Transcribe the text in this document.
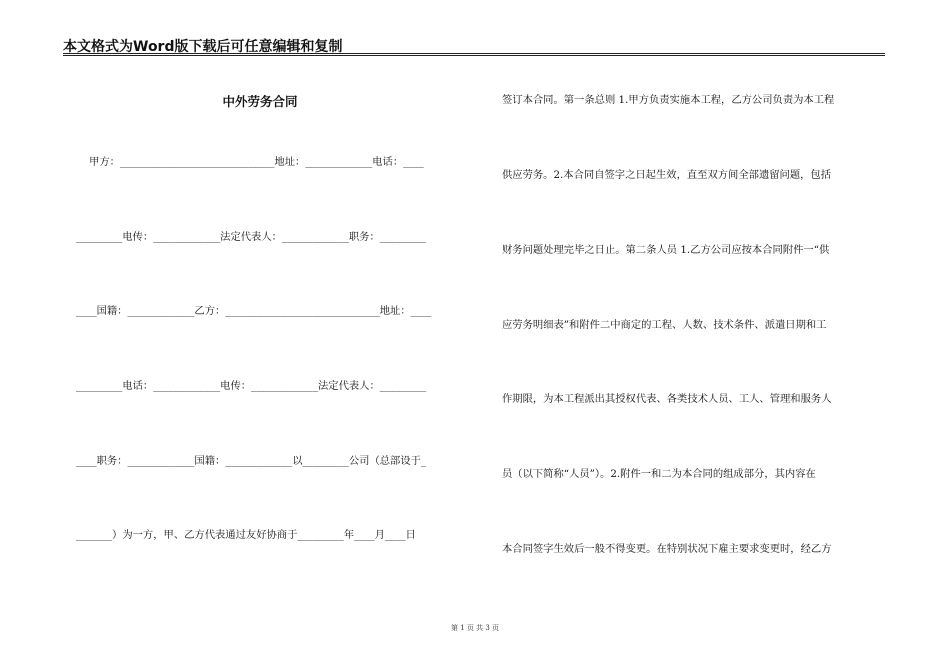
本文格式为Word版下载后可任意编辑和复制
中外劳务合同
甲方：______________________________地址：_____________电话：____
_________电传：_____________法定代表人：_____________职务：_________
____国籍：_____________乙方：______________________________地址：____
_________电话：_____________电传：_____________法定代表人：_________
____职务：_____________国籍：_____________以_________公司（总部设于_
_______）为一方，甲、乙方代表通过友好协商于_________年____月____日
签订本合同。第一条总则 1.甲方负责实施本工程，乙方公司负责为本工程
供应劳务。2.本合同自签字之日起生效，直至双方间全部遗留问题，包括
财务问题处理完毕之日止。第二条人员 1.乙方公司应按本合同附件一“供
应劳务明细表”和附件二中商定的工程、人数、技术条件、派遣日期和工
作期限，为本工程派出其授权代表、各类技术人员、工人、管理和服务人
员（以下简称“人员”）。2.附件一和二为本合同的组成部分，其内容在
本合同签字生效后一般不得变更。在特别状况下雇主要求变更时，经乙方
第 1 页 共 3 页
